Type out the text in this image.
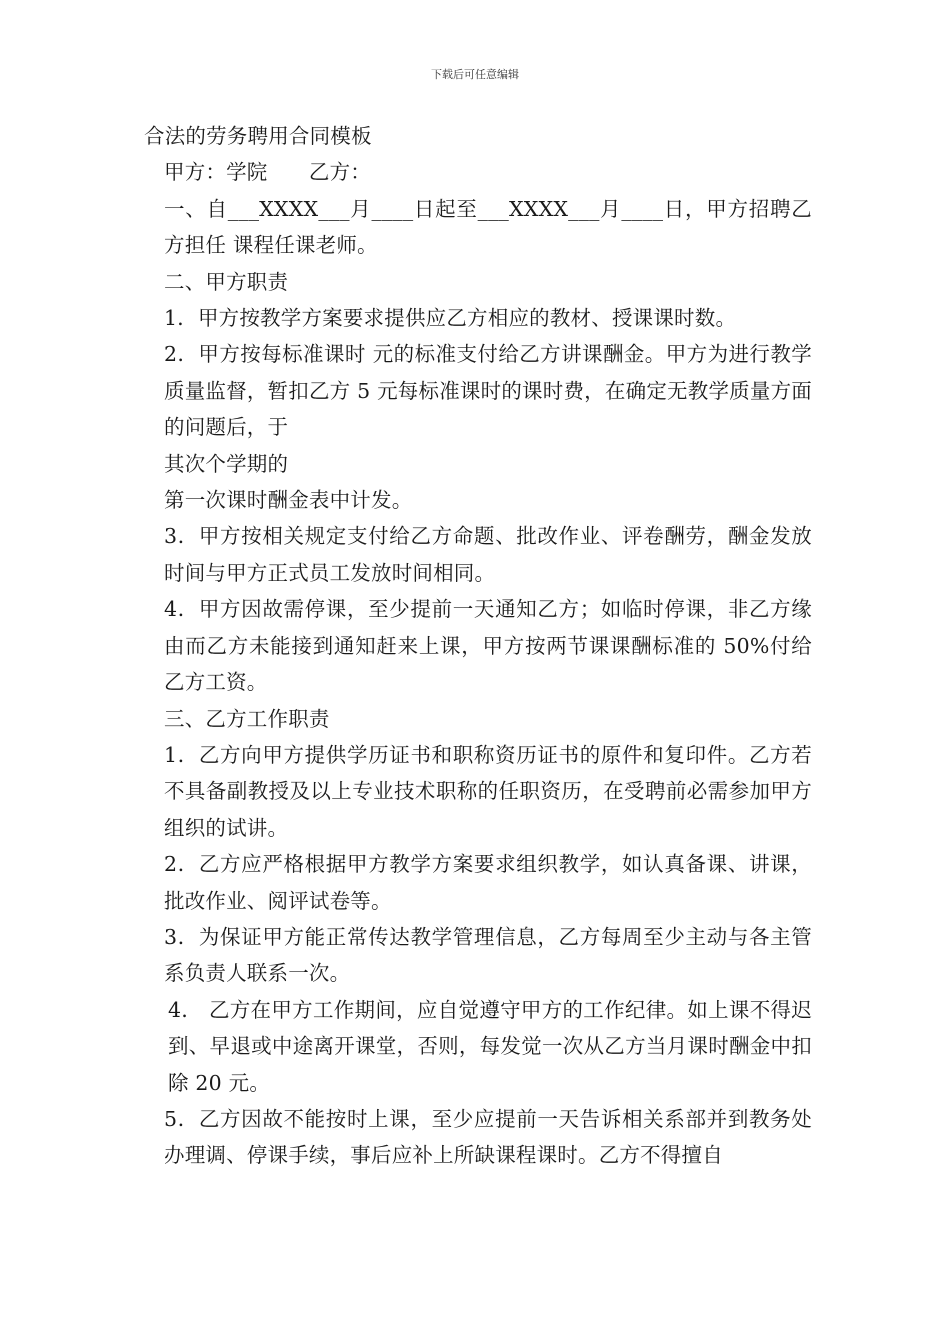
下载后可任意编辑

合法的劳务聘用合同模板

甲方：学院　　乙方：

一、自___XXXX___月____日起至___XXXX___月____日，甲方招聘乙方担任 课程任课老师。

二、甲方职责

1．甲方按教学方案要求提供应乙方相应的教材、授课课时数。

2．甲方按每标准课时 元的标准支付给乙方讲课酬金。甲方为进行教学质量监督，暂扣乙方 5 元每标准课时的课时费，在确定无教学质量方面的问题后，于

其次个学期的

第一次课时酬金表中计发。

3．甲方按相关规定支付给乙方命题、批改作业、评卷酬劳，酬金发放时间与甲方正式员工发放时间相同。

4．甲方因故需停课，至少提前一天通知乙方；如临时停课，非乙方缘由而乙方未能接到通知赶来上课，甲方按两节课课酬标准的 50%付给乙方工资。

三、乙方工作职责

1．乙方向甲方提供学历证书和职称资历证书的原件和复印件。乙方若不具备副教授及以上专业技术职称的任职资历，在受聘前必需参加甲方组织的试讲。

2．乙方应严格根据甲方教学方案要求组织教学，如认真备课、讲课，批改作业、阅评试卷等。

3．为保证甲方能正常传达教学管理信息，乙方每周至少主动与各主管系负责人联系一次。

4． 乙方在甲方工作期间，应自觉遵守甲方的工作纪律。如上课不得迟到、早退或中途离开课堂，否则，每发觉一次从乙方当月课时酬金中扣除 20 元。

5．乙方因故不能按时上课，至少应提前一天告诉相关系部并到教务处办理调、停课手续，事后应补上所缺课程课时。乙方不得擅自
